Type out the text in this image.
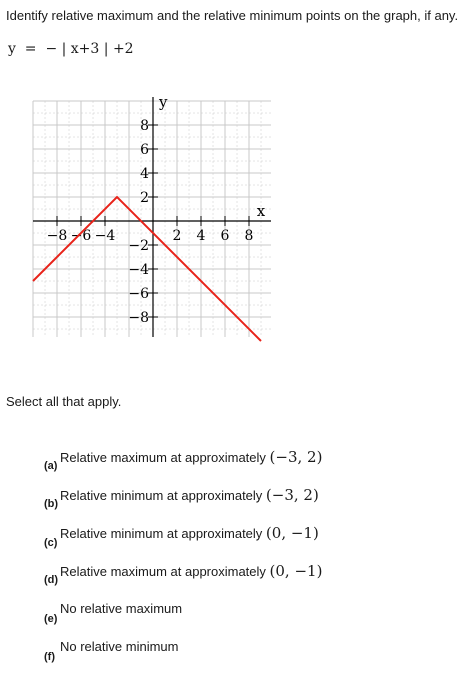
Identify relative maximum and the relative minimum points on the graph, if any.
y  =  − | x+3 | +2
−8 −6 −4	2 4 6 8
8
6
4
2
−2
−4
−6
−8
y
x
Select all that apply.
(a)
Relative maximum at approximately (−3, 2)
(b)
Relative minimum at approximately (−3, 2)
(c)
Relative minimum at approximately (0, −1)
(d)
Relative maximum at approximately (0, −1)
(e)
No relative maximum
(f)
No relative minimum
